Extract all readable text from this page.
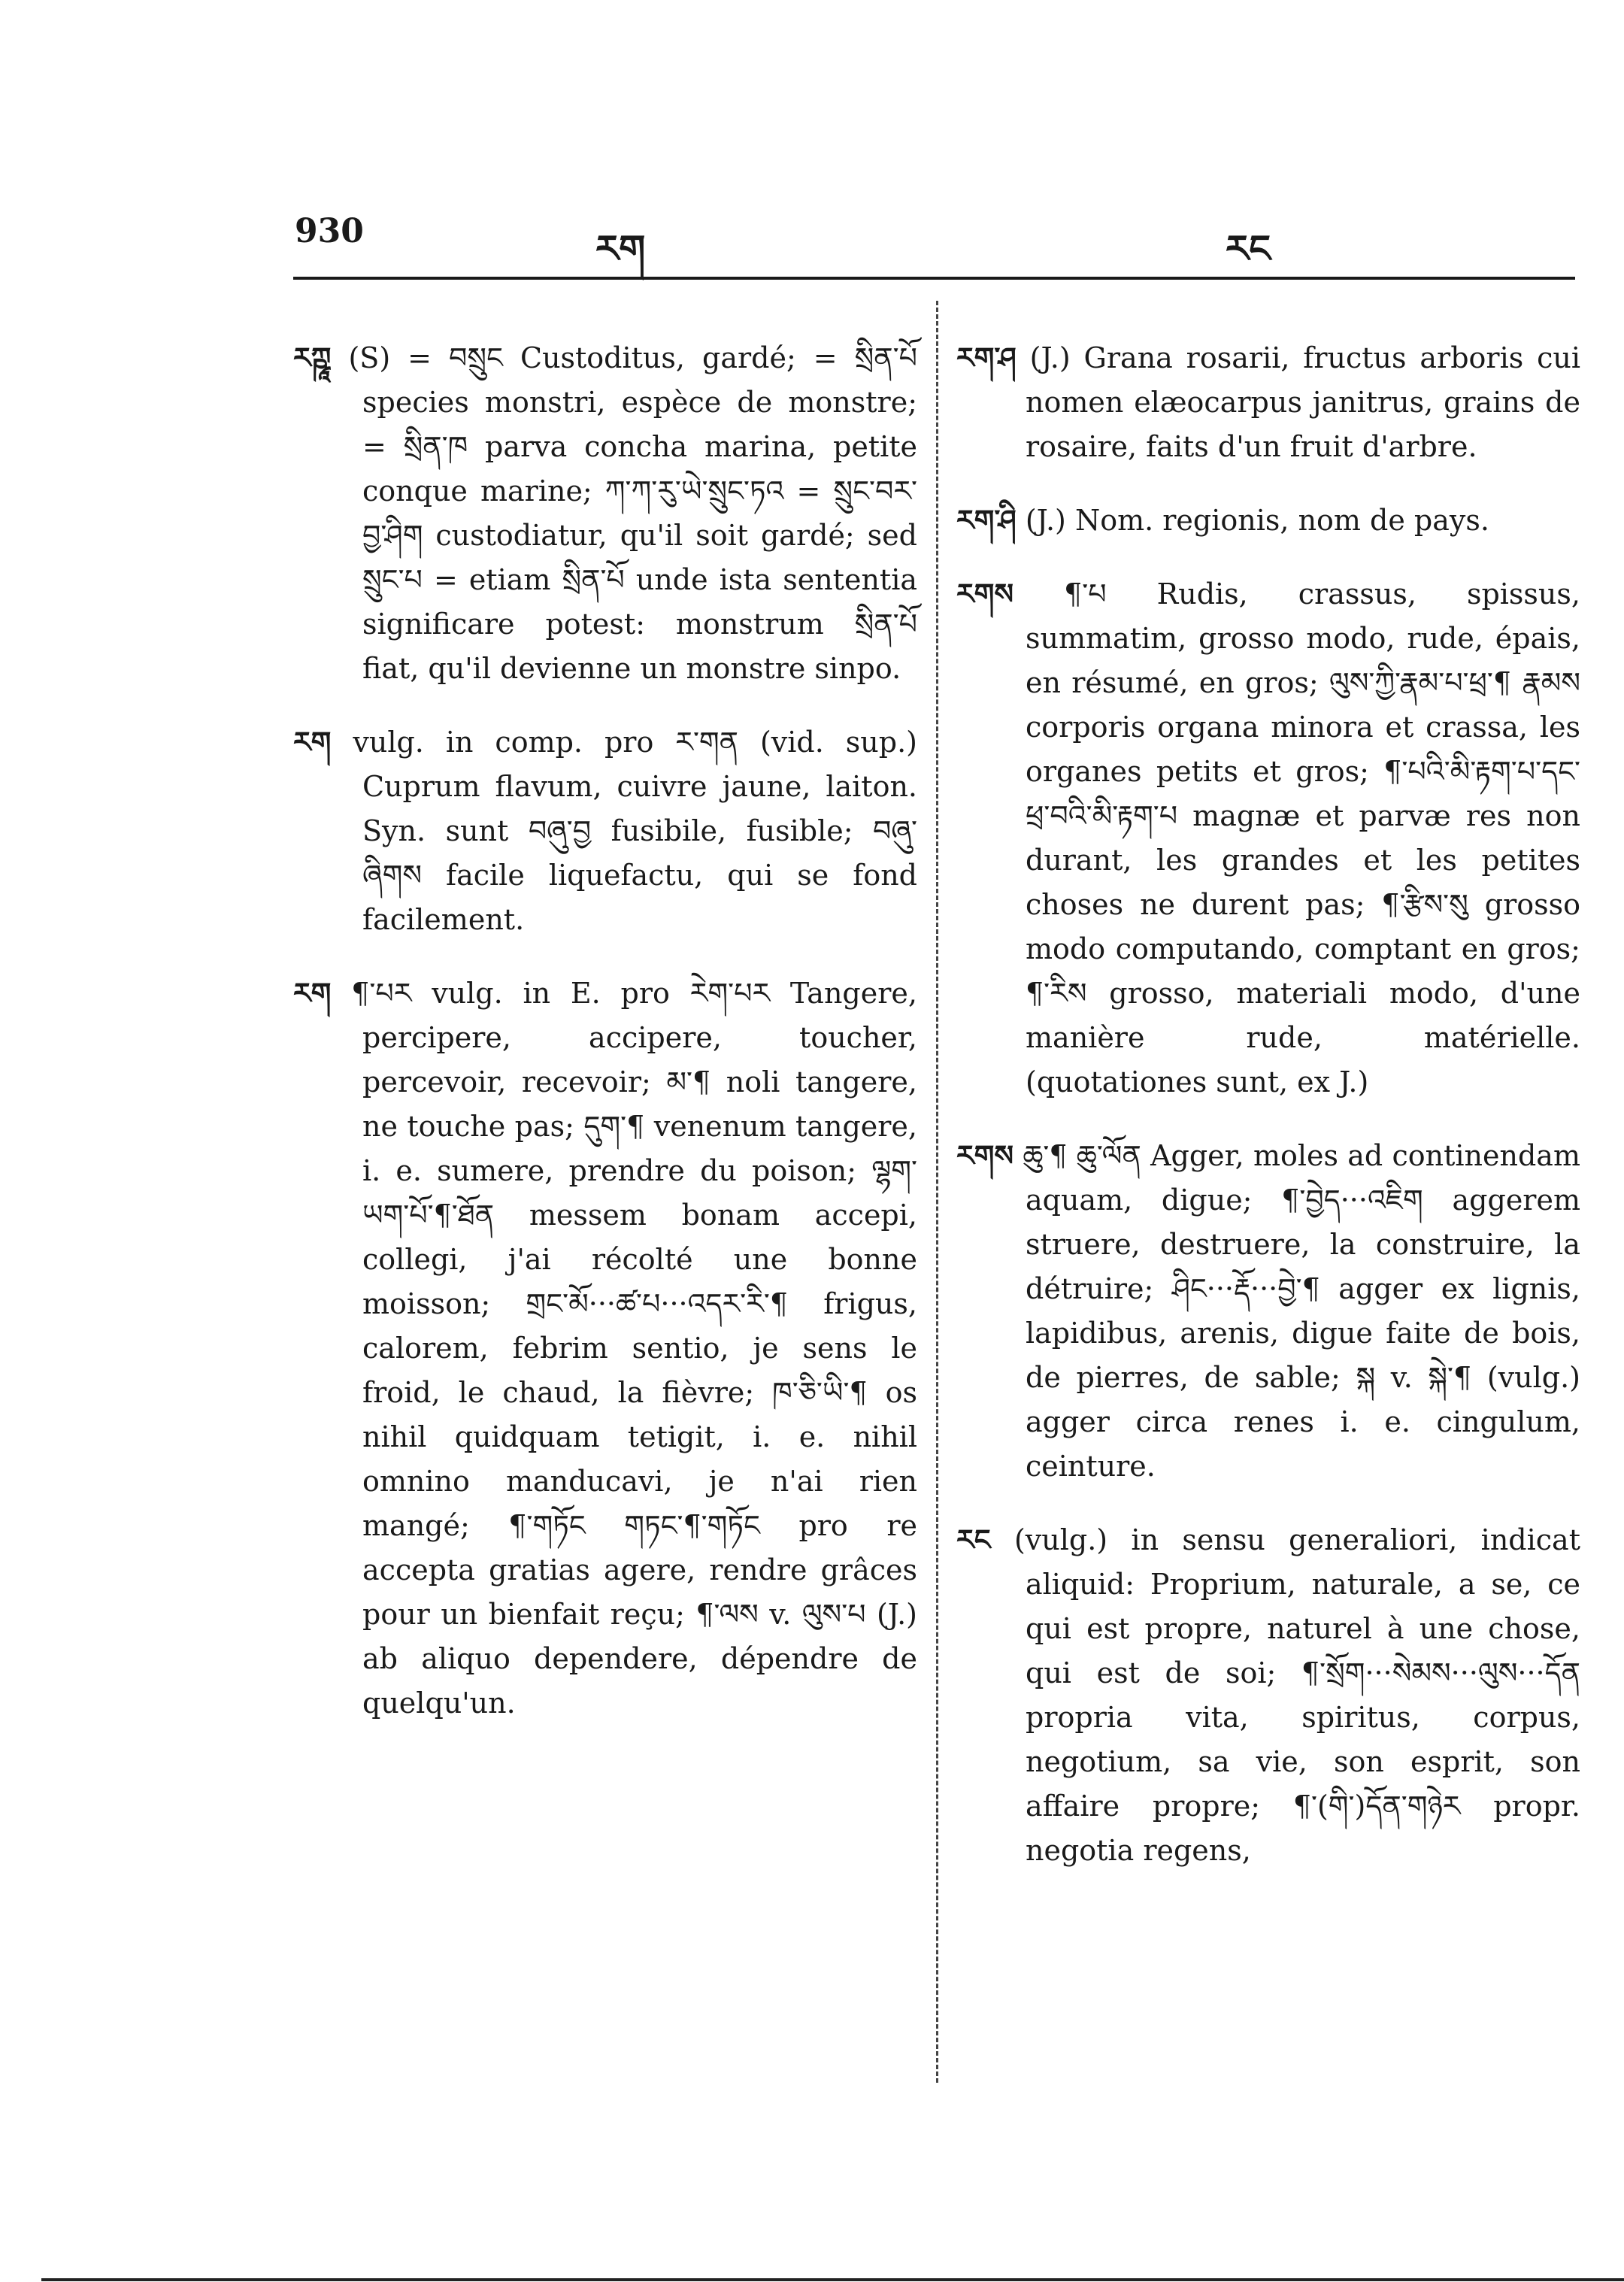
930	རག	རང

རཀྵཱ (S) = བསྲུང Custoditus, gardé; = སྲིན་པོ species monstri, espèce de monstre; = སྲིན་ཁ parva concha marina, petite conque marine; ཀ་ཀ་རུ་ཡེ་སྲུང་ཏའ = སྲུང་བར་བྱ་ཤིག custodiatur, qu'il soit gardé; sed སྲུང་པ = etiam སྲིན་པོ unde ista sententia significare potest: monstrum སྲིན་པོ fiat, qu'il devienne un monstre sinpo.

རག vulg. in comp. pro ར་གན (vid. sup.) Cuprum flavum, cuivre jaune, laiton. Syn. sunt བཞུ་བྱ fusibile, fusible; བཞུ་ཞིགས facile liquefactu, qui se fond facilement.

རག ¶་པར vulg. in E. pro རེག་པར Tangere, percipere, accipere, toucher, percevoir, recevoir; མ་¶ noli tangere, ne touche pas; དུག་¶ venenum tangere, i. e. sumere, prendre du poison; ལྷག་ཡག་པོ་¶་ཐོན messem bonam accepi, collegi, j'ai récolté une bonne moisson; གྲང་མོ···ཚ་པ···འདར་རི་¶ frigus, calorem, febrim sentio, je sens le froid, le chaud, la fièvre; ཁ་ཅི་ཡི་¶ os nihil quidquam tetigit, i. e. nihil omnino manducavi, je n'ai rien mangé; ¶་གཏོང གཏང་¶་གཏོང pro re accepta gratias agere, rendre grâces pour un bienfait reçu; ¶་ལས v. ལུས་པ (J.) ab aliquo dependere, dépendre de quelqu'un.

རག་ཤ (J.) Grana rosarii, fructus arboris cui nomen elæocarpus janitrus, grains de rosaire, faits d'un fruit d'arbre.

རག་ཤི (J.) Nom. regionis, nom de pays.

རགས ¶་པ Rudis, crassus, spissus, summatim, grosso modo, rude, épais, en résumé, en gros; ལུས་ཀྱི་རྣམ་པ་ཕྲ་¶ རྣམས corporis organa minora et crassa, les organes petits et gros; ¶་པའི་མི་རྟག་པ་དང་ཕྲ་བའི་མི་རྟག་པ magnæ et parvæ res non durant, les grandes et les petites choses ne durent pas; ¶་རྩིས་སུ grosso modo computando, comptant en gros; ¶་རིས grosso, materiali modo, d'une manière rude, matérielle. (quotationes sunt, ex J.)

རགས ཆུ་¶ ཆུ་ལོན Agger, moles ad continendam aquam, digue; ¶་བྱེད···འཇིག aggerem struere, destruere, la construire, la détruire; ཤིང···རྡོ···བྱེ་¶ agger ex lignis, lapidibus, arenis, digue faite de bois, de pierres, de sable; སྐ v. སྐེ་¶ (vulg.) agger circa renes i. e. cingulum, ceinture.

རང (vulg.) in sensu generaliori, indicat aliquid: Proprium, naturale, a se, ce qui est propre, naturel à une chose, qui est de soi; ¶་སྲོག···སེམས···ལུས···དོན propria vita, spiritus, corpus, negotium, sa vie, son esprit, son affaire propre; ¶་(གི་)དོན་གཉེར propr. negotia regens,
